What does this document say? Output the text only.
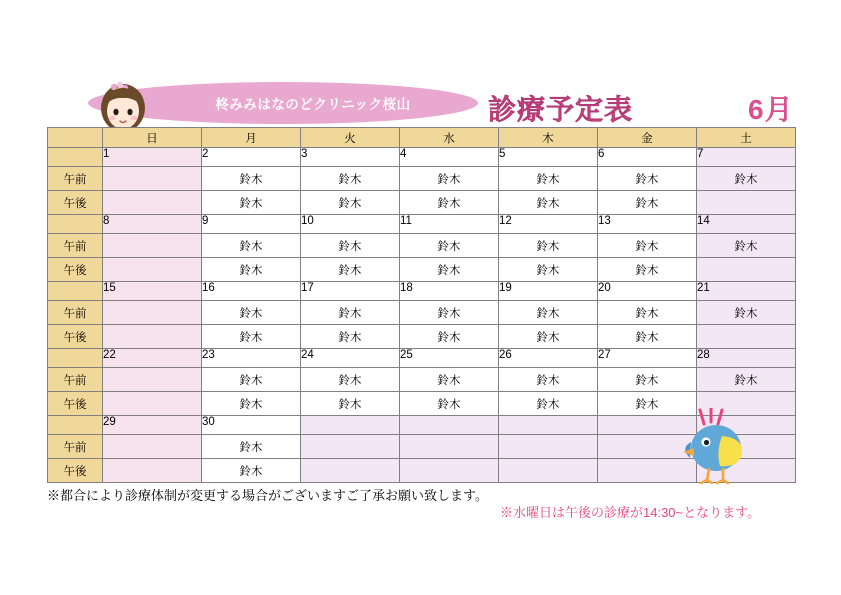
柊みみはなのどクリニック桜山	診療予定表	6月
	日	月	火	水	木	金	土
	1	2	3	4	5	6	7
午前		鈴木	鈴木	鈴木	鈴木	鈴木	鈴木
午後		鈴木	鈴木	鈴木	鈴木	鈴木	
	8	9	10	11	12	13	14
午前		鈴木	鈴木	鈴木	鈴木	鈴木	鈴木
午後		鈴木	鈴木	鈴木	鈴木	鈴木	
	15	16	17	18	19	20	21
午前		鈴木	鈴木	鈴木	鈴木	鈴木	鈴木
午後		鈴木	鈴木	鈴木	鈴木	鈴木	
	22	23	24	25	26	27	28
午前		鈴木	鈴木	鈴木	鈴木	鈴木	鈴木
午後		鈴木	鈴木	鈴木	鈴木	鈴木	
	29	30					
午前		鈴木					
午後		鈴木					
※都合により診療体制が変更する場合がございますご了承お願い致します。
※水曜日は午後の診療が14:30~となります。
